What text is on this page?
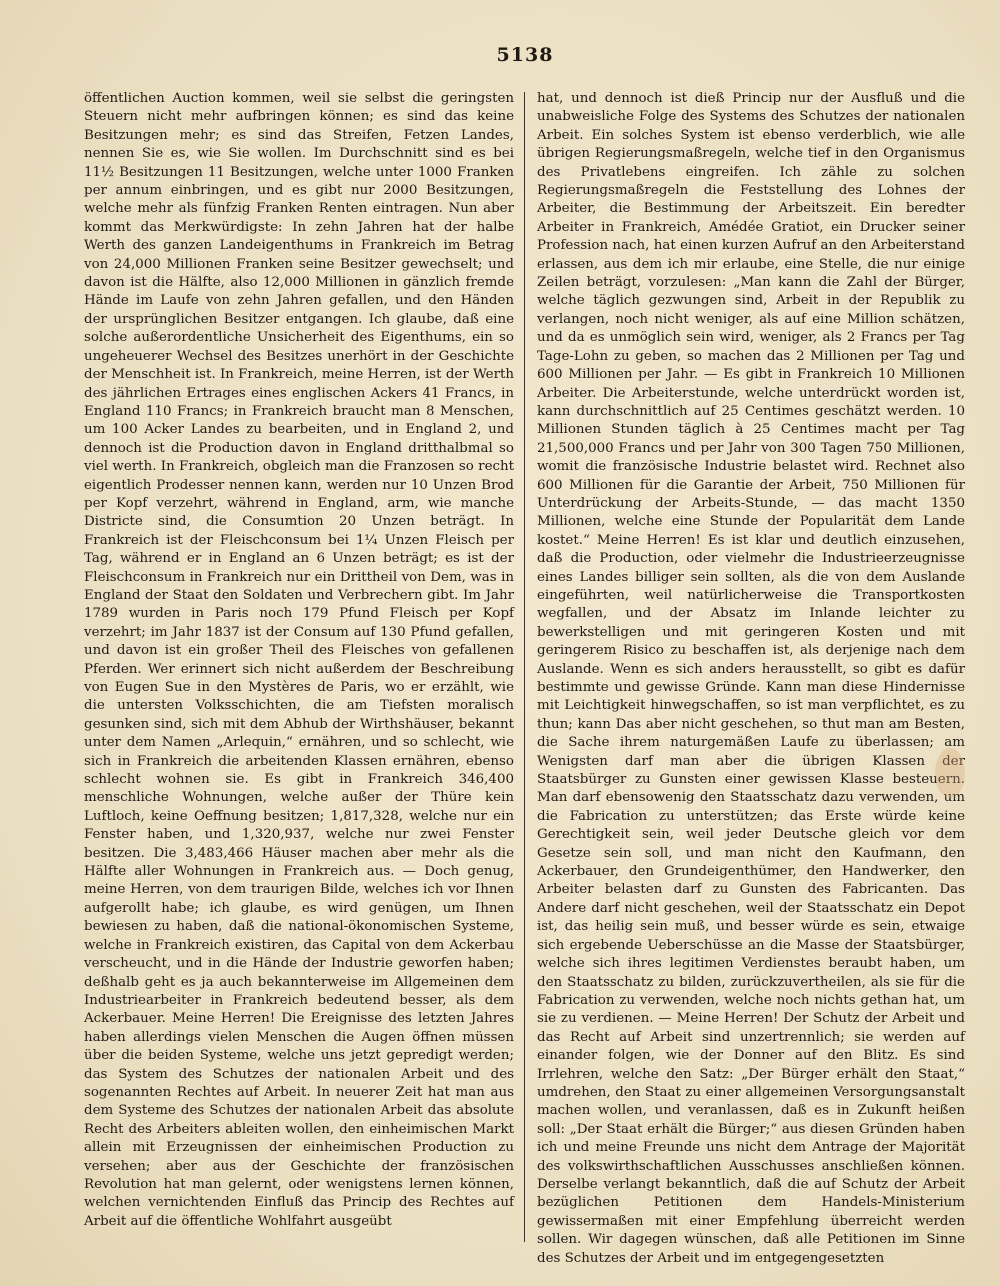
5138

öffentlichen Auction kommen, weil sie selbst die geringsten Steuern nicht mehr aufbringen können; es sind das keine Besitzungen mehr; es sind das Streifen, Fetzen Landes, nennen Sie es, wie Sie wollen. Im Durchschnitt sind es bei 11½ Besitzungen 11 Besitzungen, welche unter 1000 Franken per annum einbringen, und es gibt nur 2000 Besitzungen, welche mehr als fünfzig Franken Renten eintragen. Nun aber kommt das Merkwürdigste: In zehn Jahren hat der halbe Werth des ganzen Landeigenthums in Frankreich im Betrag von 24,000 Millionen Franken seine Besitzer gewechselt; und davon ist die Hälfte, also 12,000 Millionen in gänzlich fremde Hände im Laufe von zehn Jahren gefallen, und den Händen der ursprünglichen Besitzer entgangen. Ich glaube, daß eine solche außerordentliche Unsicherheit des Eigenthums, ein so ungeheuerer Wechsel des Besitzes unerhört in der Geschichte der Menschheit ist. In Frankreich, meine Herren, ist der Werth des jährlichen Ertrages eines englischen Ackers 41 Francs, in England 110 Francs; in Frankreich braucht man 8 Menschen, um 100 Acker Landes zu bearbeiten, und in England 2, und dennoch ist die Production davon in England dritthalbmal so viel werth. In Frankreich, obgleich man die Franzosen so recht eigentlich Prodesser nennen kann, werden nur 10 Unzen Brod per Kopf verzehrt, während in England, arm, wie manche Districte sind, die Consumtion 20 Unzen beträgt. In Frankreich ist der Fleischconsum bei 1¼ Unzen Fleisch per Tag, während er in England an 6 Unzen beträgt; es ist der Fleischconsum in Frankreich nur ein Drittheil von Dem, was in England der Staat den Soldaten und Verbrechern gibt. Im Jahr 1789 wurden in Paris noch 179 Pfund Fleisch per Kopf verzehrt; im Jahr 1837 ist der Consum auf 130 Pfund gefallen, und davon ist ein großer Theil des Fleisches von gefallenen Pferden. Wer erinnert sich nicht außerdem der Beschreibung von Eugen Sue in den Mystères de Paris, wo er erzählt, wie die untersten Volksschichten, die am Tiefsten moralisch gesunken sind, sich mit dem Abhub der Wirthshäuser, bekannt unter dem Namen „Arlequin,“ ernähren, und so schlecht, wie sich in Frankreich die arbeitenden Klassen ernähren, ebenso schlecht wohnen sie. Es gibt in Frankreich 346,400 menschliche Wohnungen, welche außer der Thüre kein Luftloch, keine Oeffnung besitzen; 1,817,328, welche nur ein Fenster haben, und 1,320,937, welche nur zwei Fenster besitzen. Die 3,483,466 Häuser machen aber mehr als die Hälfte aller Wohnungen in Frankreich aus. — Doch genug, meine Herren, von dem traurigen Bilde, welches ich vor Ihnen aufgerollt habe; ich glaube, es wird genügen, um Ihnen bewiesen zu haben, daß die national-ökonomischen Systeme, welche in Frankreich existiren, das Capital von dem Ackerbau verscheucht, und in die Hände der Industrie geworfen haben; deßhalb geht es ja auch bekannterweise im Allgemeinen dem Industriearbeiter in Frankreich bedeutend besser, als dem Ackerbauer. Meine Herren! Die Ereignisse des letzten Jahres haben allerdings vielen Menschen die Augen öffnen müssen über die beiden Systeme, welche uns jetzt gepredigt werden; das System des Schutzes der nationalen Arbeit und des sogenannten Rechtes auf Arbeit. In neuerer Zeit hat man aus dem Systeme des Schutzes der nationalen Arbeit das absolute Recht des Arbeiters ableiten wollen, den einheimischen Markt allein mit Erzeugnissen der einheimischen Production zu versehen; aber aus der Geschichte der französischen Revolution hat man gelernt, oder wenigstens lernen können, welchen vernichtenden Einfluß das Princip des Rechtes auf Arbeit auf die öffentliche Wohlfahrt ausgeübt

hat, und dennoch ist dieß Princip nur der Ausfluß und die unabweisliche Folge des Systems des Schutzes der nationalen Arbeit. Ein solches System ist ebenso verderblich, wie alle übrigen Regierungsmaßregeln, welche tief in den Organismus des Privatlebens eingreifen. Ich zähle zu solchen Regierungsmaßregeln die Feststellung des Lohnes der Arbeiter, die Bestimmung der Arbeitszeit. Ein beredter Arbeiter in Frankreich, Amédée Gratiot, ein Drucker seiner Profession nach, hat einen kurzen Aufruf an den Arbeiterstand erlassen, aus dem ich mir erlaube, eine Stelle, die nur einige Zeilen beträgt, vorzulesen: „Man kann die Zahl der Bürger, welche täglich gezwungen sind, Arbeit in der Republik zu verlangen, noch nicht weniger, als auf eine Million schätzen, und da es unmöglich sein wird, weniger, als 2 Francs per Tag Tage-Lohn zu geben, so machen das 2 Millionen per Tag und 600 Millionen per Jahr. — Es gibt in Frankreich 10 Millionen Arbeiter. Die Arbeiterstunde, welche unterdrückt worden ist, kann durchschnittlich auf 25 Centimes geschätzt werden. 10 Millionen Stunden täglich à 25 Centimes macht per Tag 21,500,000 Francs und per Jahr von 300 Tagen 750 Millionen, womit die französische Industrie belastet wird. Rechnet also 600 Millionen für die Garantie der Arbeit, 750 Millionen für Unterdrückung der Arbeits-Stunde, — das macht 1350 Millionen, welche eine Stunde der Popularität dem Lande kostet.“ Meine Herren! Es ist klar und deutlich einzusehen, daß die Production, oder vielmehr die Industrieerzeugnisse eines Landes billiger sein sollten, als die von dem Auslande eingeführten, weil natürlicherweise die Transportkosten wegfallen, und der Absatz im Inlande leichter zu bewerkstelligen und mit geringeren Kosten und mit geringerem Risico zu beschaffen ist, als derjenige nach dem Auslande. Wenn es sich anders herausstellt, so gibt es dafür bestimmte und gewisse Gründe. Kann man diese Hindernisse mit Leichtigkeit hinwegschaffen, so ist man verpflichtet, es zu thun; kann Das aber nicht geschehen, so thut man am Besten, die Sache ihrem naturgemäßen Laufe zu überlassen; am Wenigsten darf man aber die übrigen Klassen der Staatsbürger zu Gunsten einer gewissen Klasse besteuern. Man darf ebensowenig den Staatsschatz dazu verwenden, um die Fabrication zu unterstützen; das Erste würde keine Gerechtigkeit sein, weil jeder Deutsche gleich vor dem Gesetze sein soll, und man nicht den Kaufmann, den Ackerbauer, den Grundeigenthümer, den Handwerker, den Arbeiter belasten darf zu Gunsten des Fabricanten. Das Andere darf nicht geschehen, weil der Staatsschatz ein Depot ist, das heilig sein muß, und besser würde es sein, etwaige sich ergebende Ueberschüsse an die Masse der Staatsbürger, welche sich ihres legitimen Verdienstes beraubt haben, um den Staatsschatz zu bilden, zurückzuvertheilen, als sie für die Fabrication zu verwenden, welche noch nichts gethan hat, um sie zu verdienen. — Meine Herren! Der Schutz der Arbeit und das Recht auf Arbeit sind unzertrennlich; sie werden auf einander folgen, wie der Donner auf den Blitz. Es sind Irrlehren, welche den Satz: „Der Bürger erhält den Staat,“ umdrehen, den Staat zu einer allgemeinen Versorgungsanstalt machen wollen, und veranlassen, daß es in Zukunft heißen soll: „Der Staat erhält die Bürger;“ aus diesen Gründen haben ich und meine Freunde uns nicht dem Antrage der Majorität des volkswirthschaftlichen Ausschusses anschließen können. Derselbe verlangt bekanntlich, daß die auf Schutz der Arbeit bezüglichen Petitionen dem Handels-Ministerium gewissermaßen mit einer Empfehlung überreicht werden sollen. Wir dagegen wünschen, daß alle Petitionen im Sinne des Schutzes der Arbeit und im entgegengesetzten
